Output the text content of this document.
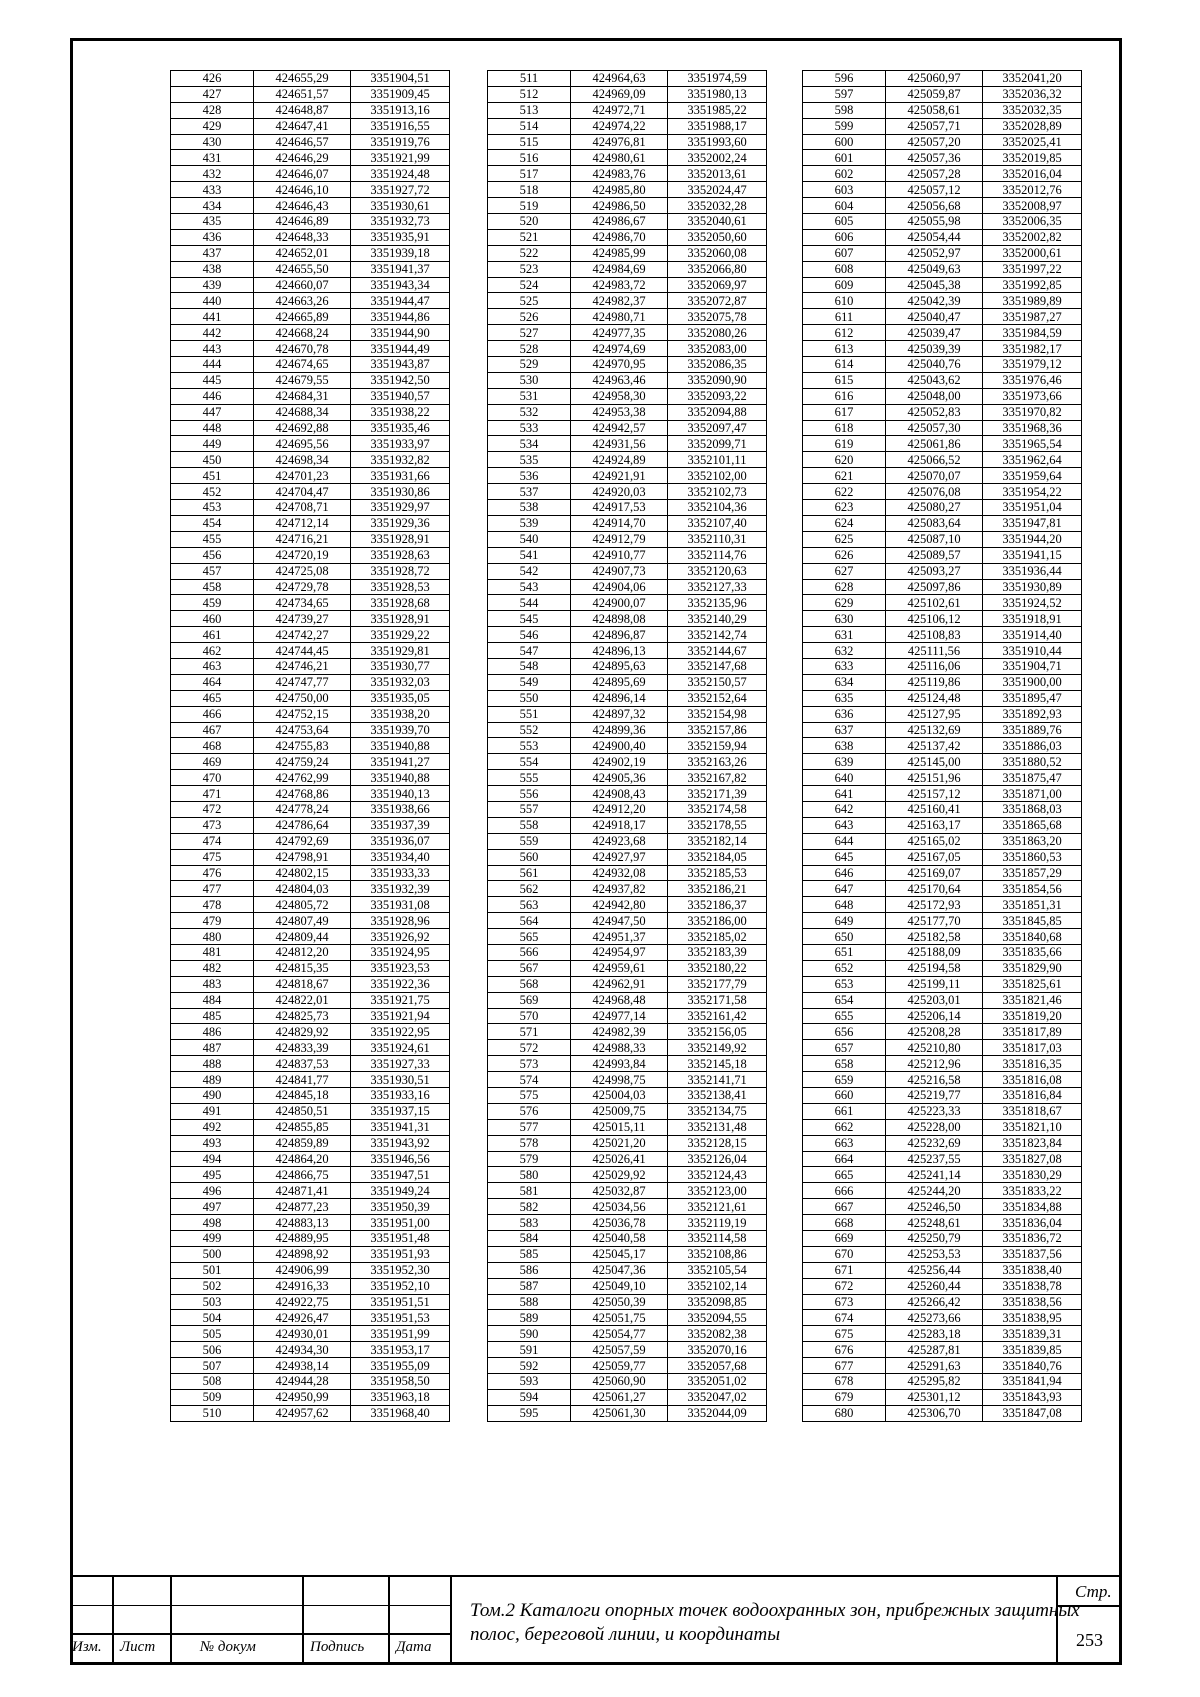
426	424655,29	3351904,51
427	424651,57	3351909,45
428	424648,87	3351913,16
429	424647,41	3351916,55
430	424646,57	3351919,76
431	424646,29	3351921,99
432	424646,07	3351924,48
433	424646,10	3351927,72
434	424646,43	3351930,61
435	424646,89	3351932,73
436	424648,33	3351935,91
437	424652,01	3351939,18
438	424655,50	3351941,37
439	424660,07	3351943,34
440	424663,26	3351944,47
441	424665,89	3351944,86
442	424668,24	3351944,90
443	424670,78	3351944,49
444	424674,65	3351943,87
445	424679,55	3351942,50
446	424684,31	3351940,57
447	424688,34	3351938,22
448	424692,88	3351935,46
449	424695,56	3351933,97
450	424698,34	3351932,82
451	424701,23	3351931,66
452	424704,47	3351930,86
453	424708,71	3351929,97
454	424712,14	3351929,36
455	424716,21	3351928,91
456	424720,19	3351928,63
457	424725,08	3351928,72
458	424729,78	3351928,53
459	424734,65	3351928,68
460	424739,27	3351928,91
461	424742,27	3351929,22
462	424744,45	3351929,81
463	424746,21	3351930,77
464	424747,77	3351932,03
465	424750,00	3351935,05
466	424752,15	3351938,20
467	424753,64	3351939,70
468	424755,83	3351940,88
469	424759,24	3351941,27
470	424762,99	3351940,88
471	424768,86	3351940,13
472	424778,24	3351938,66
473	424786,64	3351937,39
474	424792,69	3351936,07
475	424798,91	3351934,40
476	424802,15	3351933,33
477	424804,03	3351932,39
478	424805,72	3351931,08
479	424807,49	3351928,96
480	424809,44	3351926,92
481	424812,20	3351924,95
482	424815,35	3351923,53
483	424818,67	3351922,36
484	424822,01	3351921,75
485	424825,73	3351921,94
486	424829,92	3351922,95
487	424833,39	3351924,61
488	424837,53	3351927,33
489	424841,77	3351930,51
490	424845,18	3351933,16
491	424850,51	3351937,15
492	424855,85	3351941,31
493	424859,89	3351943,92
494	424864,20	3351946,56
495	424866,75	3351947,51
496	424871,41	3351949,24
497	424877,23	3351950,39
498	424883,13	3351951,00
499	424889,95	3351951,48
500	424898,92	3351951,93
501	424906,99	3351952,30
502	424916,33	3351952,10
503	424922,75	3351951,51
504	424926,47	3351951,53
505	424930,01	3351951,99
506	424934,30	3351953,17
507	424938,14	3351955,09
508	424944,28	3351958,50
509	424950,99	3351963,18
510	424957,62	3351968,40
511	424964,63	3351974,59
512	424969,09	3351980,13
513	424972,71	3351985,22
514	424974,22	3351988,17
515	424976,81	3351993,60
516	424980,61	3352002,24
517	424983,76	3352013,61
518	424985,80	3352024,47
519	424986,50	3352032,28
520	424986,67	3352040,61
521	424986,70	3352050,60
522	424985,99	3352060,08
523	424984,69	3352066,80
524	424983,72	3352069,97
525	424982,37	3352072,87
526	424980,71	3352075,78
527	424977,35	3352080,26
528	424974,69	3352083,00
529	424970,95	3352086,35
530	424963,46	3352090,90
531	424958,30	3352093,22
532	424953,38	3352094,88
533	424942,57	3352097,47
534	424931,56	3352099,71
535	424924,89	3352101,11
536	424921,91	3352102,00
537	424920,03	3352102,73
538	424917,53	3352104,36
539	424914,70	3352107,40
540	424912,79	3352110,31
541	424910,77	3352114,76
542	424907,73	3352120,63
543	424904,06	3352127,33
544	424900,07	3352135,96
545	424898,08	3352140,29
546	424896,87	3352142,74
547	424896,13	3352144,67
548	424895,63	3352147,68
549	424895,69	3352150,57
550	424896,14	3352152,64
551	424897,32	3352154,98
552	424899,36	3352157,86
553	424900,40	3352159,94
554	424902,19	3352163,26
555	424905,36	3352167,82
556	424908,43	3352171,39
557	424912,20	3352174,58
558	424918,17	3352178,55
559	424923,68	3352182,14
560	424927,97	3352184,05
561	424932,08	3352185,53
562	424937,82	3352186,21
563	424942,80	3352186,37
564	424947,50	3352186,00
565	424951,37	3352185,02
566	424954,97	3352183,39
567	424959,61	3352180,22
568	424962,91	3352177,79
569	424968,48	3352171,58
570	424977,14	3352161,42
571	424982,39	3352156,05
572	424988,33	3352149,92
573	424993,84	3352145,18
574	424998,75	3352141,71
575	425004,03	3352138,41
576	425009,75	3352134,75
577	425015,11	3352131,48
578	425021,20	3352128,15
579	425026,41	3352126,04
580	425029,92	3352124,43
581	425032,87	3352123,00
582	425034,56	3352121,61
583	425036,78	3352119,19
584	425040,58	3352114,58
585	425045,17	3352108,86
586	425047,36	3352105,54
587	425049,10	3352102,14
588	425050,39	3352098,85
589	425051,75	3352094,55
590	425054,77	3352082,38
591	425057,59	3352070,16
592	425059,77	3352057,68
593	425060,90	3352051,02
594	425061,27	3352047,02
595	425061,30	3352044,09
596	425060,97	3352041,20
597	425059,87	3352036,32
598	425058,61	3352032,35
599	425057,71	3352028,89
600	425057,20	3352025,41
601	425057,36	3352019,85
602	425057,28	3352016,04
603	425057,12	3352012,76
604	425056,68	3352008,97
605	425055,98	3352006,35
606	425054,44	3352002,82
607	425052,97	3352000,61
608	425049,63	3351997,22
609	425045,38	3351992,85
610	425042,39	3351989,89
611	425040,47	3351987,27
612	425039,47	3351984,59
613	425039,39	3351982,17
614	425040,76	3351979,12
615	425043,62	3351976,46
616	425048,00	3351973,66
617	425052,83	3351970,82
618	425057,30	3351968,36
619	425061,86	3351965,54
620	425066,52	3351962,64
621	425070,07	3351959,64
622	425076,08	3351954,22
623	425080,27	3351951,04
624	425083,64	3351947,81
625	425087,10	3351944,20
626	425089,57	3351941,15
627	425093,27	3351936,44
628	425097,86	3351930,89
629	425102,61	3351924,52
630	425106,12	3351918,91
631	425108,83	3351914,40
632	425111,56	3351910,44
633	425116,06	3351904,71
634	425119,86	3351900,00
635	425124,48	3351895,47
636	425127,95	3351892,93
637	425132,69	3351889,76
638	425137,42	3351886,03
639	425145,00	3351880,52
640	425151,96	3351875,47
641	425157,12	3351871,00
642	425160,41	3351868,03
643	425163,17	3351865,68
644	425165,02	3351863,20
645	425167,05	3351860,53
646	425169,07	3351857,29
647	425170,64	3351854,56
648	425172,93	3351851,31
649	425177,70	3351845,85
650	425182,58	3351840,68
651	425188,09	3351835,66
652	425194,58	3351829,90
653	425199,11	3351825,61
654	425203,01	3351821,46
655	425206,14	3351819,20
656	425208,28	3351817,89
657	425210,80	3351817,03
658	425212,96	3351816,35
659	425216,58	3351816,08
660	425219,77	3351816,84
661	425223,33	3351818,67
662	425228,00	3351821,10
663	425232,69	3351823,84
664	425237,55	3351827,08
665	425241,14	3351830,29
666	425244,20	3351833,22
667	425246,50	3351834,88
668	425248,61	3351836,04
669	425250,79	3351836,72
670	425253,53	3351837,56
671	425256,44	3351838,40
672	425260,44	3351838,78
673	425266,42	3351838,56
674	425273,66	3351838,95
675	425283,18	3351839,31
676	425287,81	3351839,85
677	425291,63	3351840,76
678	425295,82	3351841,94
679	425301,12	3351843,93
680	425306,70	3351847,08
Изм. Лист	№ докум	Подпись Дата
Том.2 Каталоги опорных точек водоохранных зон, прибрежных защитных полос, береговой линии, и координаты
Стр.
253
